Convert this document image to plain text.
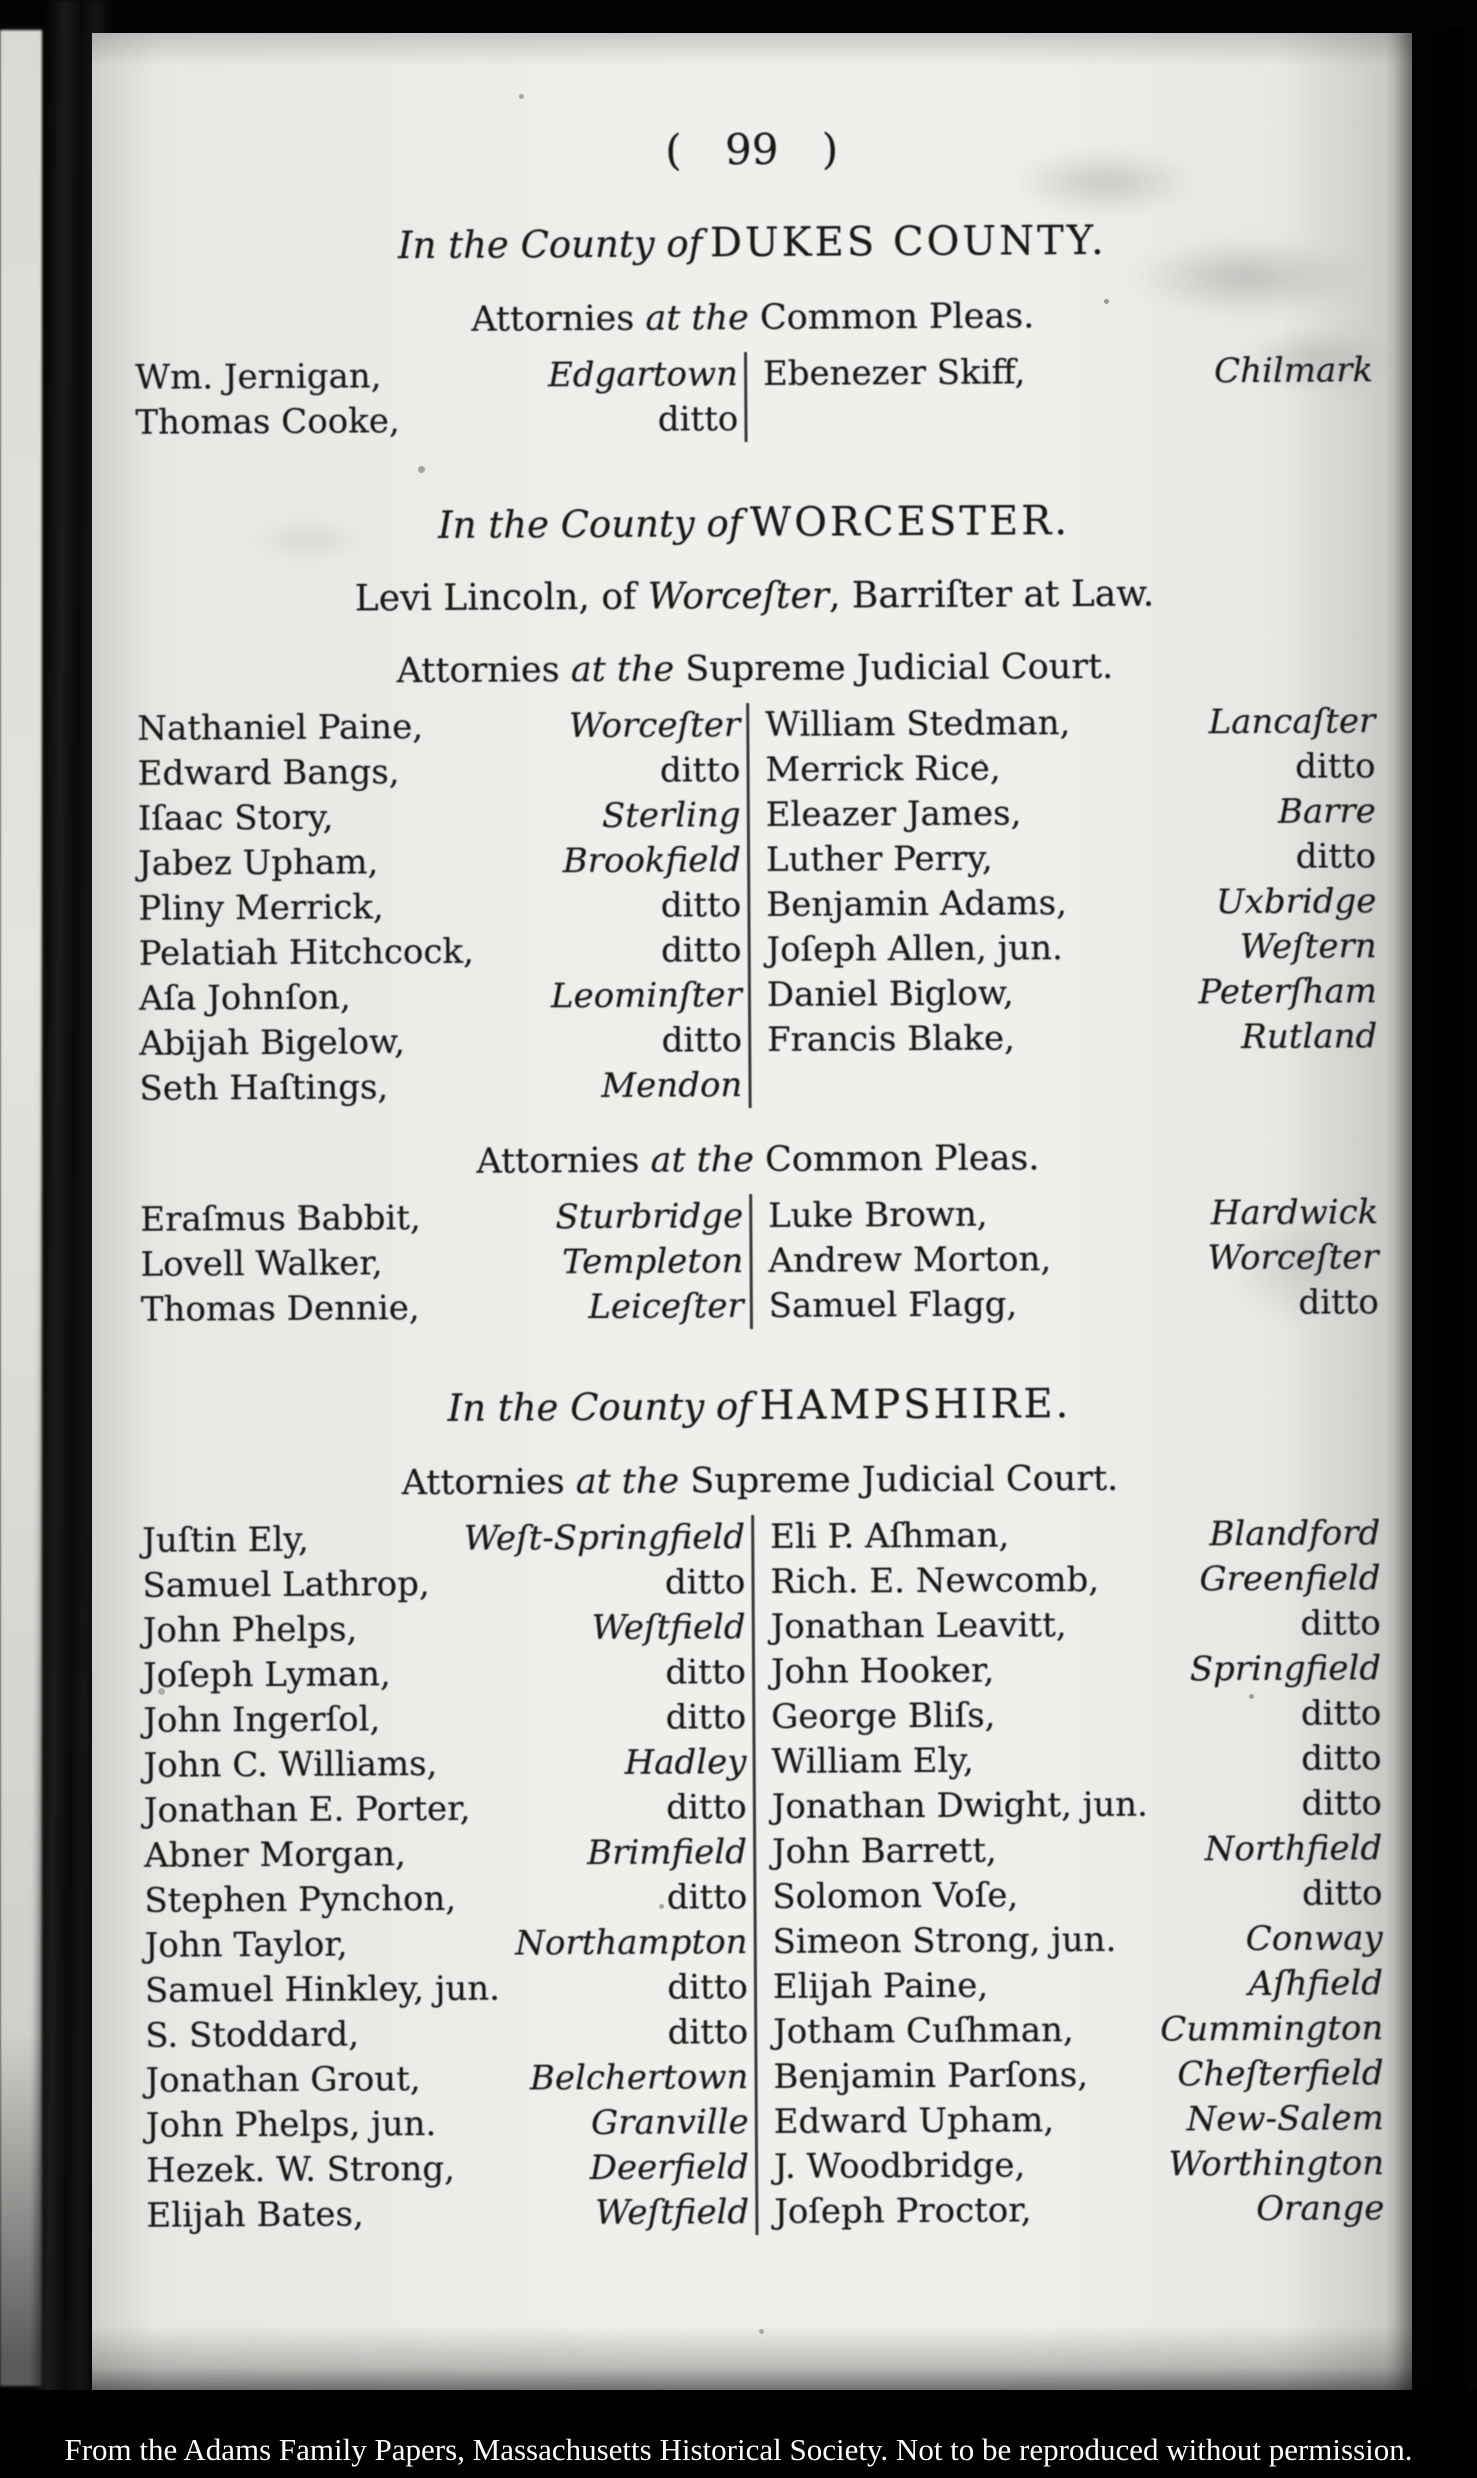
( 99 )
In the County of DUKES COUNTY.
Attornies at the Common Pleas.
Wm. Jernigan,	Edgartown
Thomas Cooke,	ditto
Ebenezer Skiff,	Chilmark
In the County of WORCESTER.

Levi Lincoln, of Worceſter, Barriſter at Law.

Attornies at the Supreme Judicial Court.
Nathaniel Paine,	Worceſter
Edward Bangs,	ditto
Iſaac Story,	Sterling
Jabez Upham,	Brookfield
Pliny Merrick,	ditto
Pelatiah Hitchcock,	ditto
Aſa Johnſon,	Leominſter
Abijah Bigelow,	ditto
Seth Haſtings,	Mendon
William Stedman,	Lancaſter
Merrick Rice,	ditto
Eleazer James,	Barre
Luther Perry,	ditto
Benjamin Adams,	Uxbridge
Joſeph Allen, jun.	Weſtern
Daniel Biglow,	Peterſham
Francis Blake,	Rutland
Attornies at the Common Pleas.
Eraſmus Babbit,	Sturbridge
Lovell Walker,	Templeton
Thomas Dennie,	Leiceſter
Luke Brown,	Hardwick
Andrew Morton,	Worceſter
Samuel Flagg,	ditto
In the County of HAMPSHIRE.
Attornies at the Supreme Judicial Court.
Juſtin Ely,	Weſt-Springfield
Samuel Lathrop,	ditto
John Phelps,	Weſtfield
Joſeph Lyman,	ditto
John Ingerſol,	ditto
John C. Williams,	Hadley
Jonathan E. Porter,	ditto
Abner Morgan,	Brimfield
Stephen Pynchon,	ditto
John Taylor,	Northampton
Samuel Hinkley, jun.	ditto
S. Stoddard,	ditto
Jonathan Grout,	Belchertown
John Phelps, jun.	Granville
Hezek. W. Strong,	Deerfield
Elijah Bates,	Weſtfield
Eli P. Aſhman,	Blandford
Rich. E. Newcomb,	Greenfield
Jonathan Leavitt,	ditto
John Hooker,	Springfield
George Bliſs,	ditto
William Ely,	ditto
Jonathan Dwight, jun.	ditto
John Barrett,	Northfield
Solomon Voſe,	ditto
Simeon Strong, jun.	Conway
Elijah Paine,	Aſhfield
Jotham Cuſhman,	Cummington
Benjamin Parſons,	Cheſterfield
Edward Upham,	New-Salem
J. Woodbridge,	Worthington
Joſeph Proctor,	Orange
From the Adams Family Papers, Massachusetts Historical Society. Not to be reproduced without permission.
